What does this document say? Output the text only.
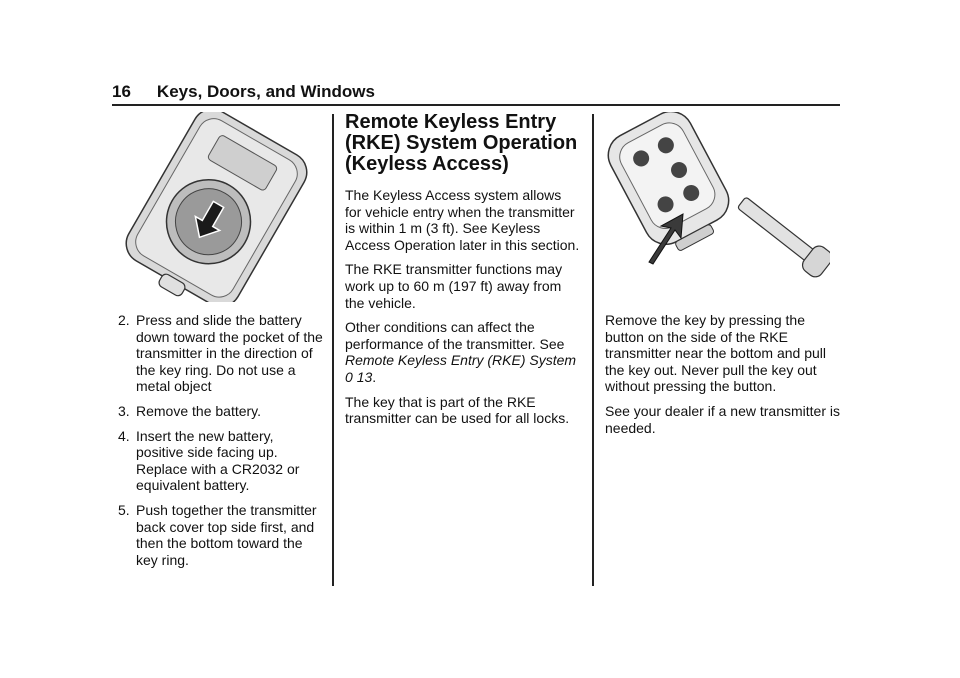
16 Keys, Doors, and Windows
2. Press and slide the battery down toward the pocket of the transmitter in the direction of the key ring. Do not use a metal object
3. Remove the battery.
4. Insert the new battery, positive side facing up. Replace with a CR2032 or equivalent battery.
5. Push together the transmitter back cover top side first, and then the bottom toward the key ring.
Remote Keyless Entry (RKE) System Operation (Keyless Access)

The Keyless Access system allows for vehicle entry when the transmitter is within 1 m (3 ft). See Keyless Access Operation later in this section.

The RKE transmitter functions may work up to 60 m (197 ft) away from the vehicle.

Other conditions can affect the performance of the transmitter. See Remote Keyless Entry (RKE) System 0 13.

The key that is part of the RKE transmitter can be used for all locks.

Remove the key by pressing the button on the side of the RKE transmitter near the bottom and pull the key out. Never pull the key out without pressing the button.

See your dealer if a new transmitter is needed.
